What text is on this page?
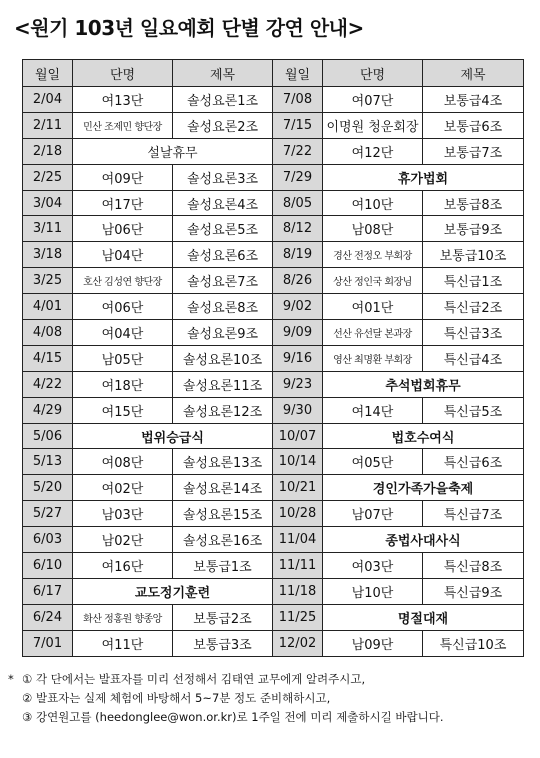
<원기 103년 일요예회 단별 강연 안내>
월일	단명	제목	월일	단명	제목
2/04	여13단	솔성요론1조	7/08	여07단	보통급4조
2/11	민산 조제민 향단장	솔성요론2조	7/15	이명원 청운회장	보통급6조
2/18	설날휴무		7/22	여12단	보통급7조
2/25	여09단	솔성요론3조	7/29	휴가법회	
3/04	여17단	솔성요론4조	8/05	여10단	보통급8조
3/11	남06단	솔성요론5조	8/12	남08단	보통급9조
3/18	남04단	솔성요론6조	8/19	경산 전정오 부회장	보통급10조
3/25	호산 김성연 향단장	솔성요론7조	8/26	상산 정인국 회장님	특신급1조
4/01	여06단	솔성요론8조	9/02	여01단	특신급2조
4/08	여04단	솔성요론9조	9/09	선산 유선달 본과장	특신급3조
4/15	남05단	솔성요론10조	9/16	영산 최명환 부회장	특신급4조
4/22	여18단	솔성요론11조	9/23	추석법회휴무	
4/29	여15단	솔성요론12조	9/30	여14단	특신급5조
5/06	법위승급식		10/07	법호수여식	
5/13	여08단	솔성요론13조	10/14	여05단	특신급6조
5/20	여02단	솔성요론14조	10/21	경인가족가을축제	
5/27	남03단	솔성요론15조	10/28	남07단	특신급7조
6/03	남02단	솔성요론16조	11/04	종법사대사식	
6/10	여16단	보통급1조	11/11	여03단	특신급8조
6/17	교도정기훈련		11/18	남10단	특신급9조
6/24	화산 정홍원 향종앙	보통급2조	11/25	명절대재	
7/01	여11단	보통급3조	12/02	남09단	특신급10조
* ① 각 단에서는 발표자를 미리 선정해서 김태연 교무에게 알려주시고,
② 발표자는 실제 체험에 바탕해서 5~7분 정도 준비해하시고,
③ 강연원고를 (heedonglee@won.or.kr)로 1주일 전에 미리 제출하시길 바랍니다.
